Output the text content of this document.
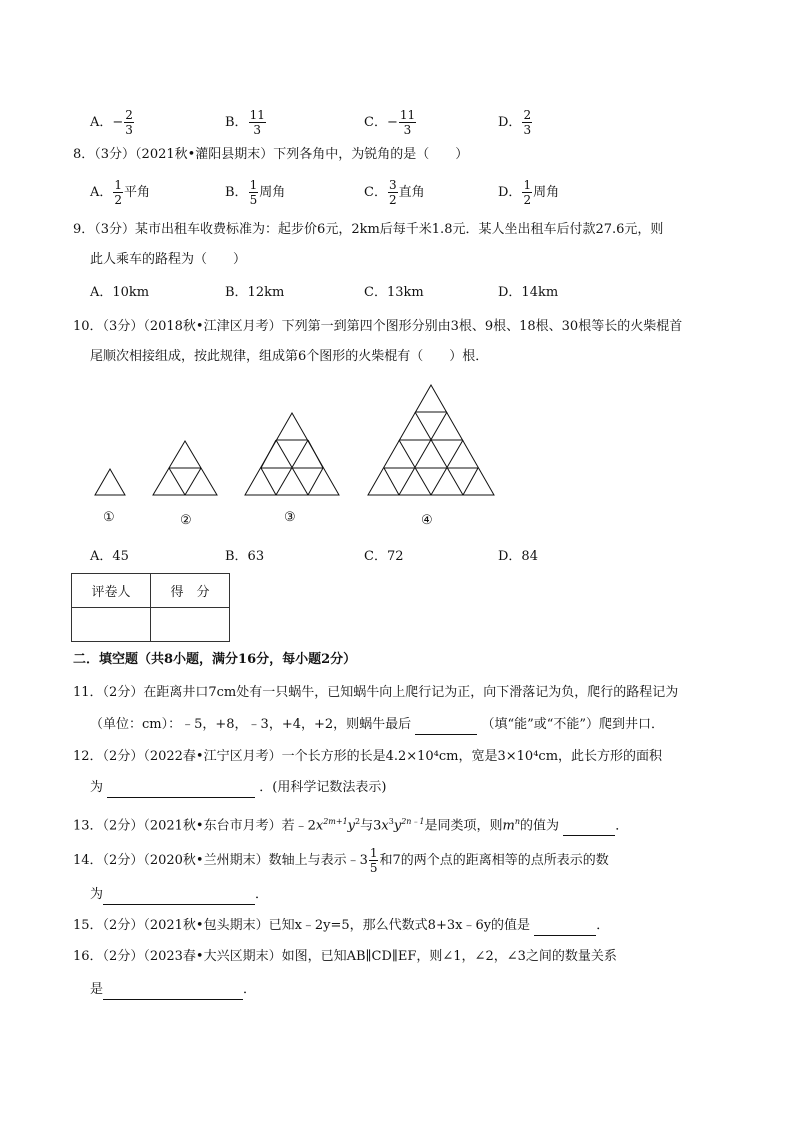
A．− $\frac{2}{3}$	B． $\frac{11}{3}$	C．− $\frac{11}{3}$	D． $\frac{2}{3}$
8．（3分）（2021秋•灌阳县期末）下列各角中，为锐角的是（　　）
A． $\frac{1}{2}$ 平角	B． $\frac{1}{5}$ 周角	C． $\frac{3}{2}$ 直角	D． $\frac{1}{2}$ 周角
9．（3分）某市出租车收费标准为：起步价6元，2km后每千米1.8元．某人坐出租车后付款27.6元，则
此人乘车的路程为（　　）
A．10km	B．12km	C．13km	D．14km
10．（3分）（2018秋•江津区月考）下列第一到第四个图形分别由3根、9根、18根、30根等长的火柴棍首
尾顺次相接组成，按此规律，组成第6个图形的火柴棍有（　　）根．
①	②	③	④
A．45	B．63	C．72	D．84
评卷人	得　分

二．填空题（共8小题，满分16分，每小题2分）
11．（2分）在距离井口7cm处有一只蜗牛，已知蜗牛向上爬行记为正，向下滑落记为负，爬行的路程记为
（单位：cm）：﹣5，+8，﹣3，+4，+2，则蜗牛最后	（填“能”或“不能”）爬到井口．
12．（2分）（2022春•江宁区月考）一个长方形的长是4.2×10⁴cm，宽是3×10⁴cm，此长方形的面积
为	．(用科学记数法表示)
13．（2分）（2021秋•东台市月考）若$﹣2x^{2m+1}y^2$与$3x^3y^{2n﹣1}$是同类项，则$m^n$的值为	．
14．（2分）（2020秋•兰州期末）数轴上与表示﹣3 $\frac{1}{5}$ 和7的两个点的距离相等的点所表示的数
为	．
15．（2分）（2021秋•包头期末）已知x﹣2y=5，那么代数式8+3x﹣6y的值是	．
16．（2分）（2023春•大兴区期末）如图，已知AB∥CD∥EF，则∠1，∠2，∠3之间的数量关系
是	．
